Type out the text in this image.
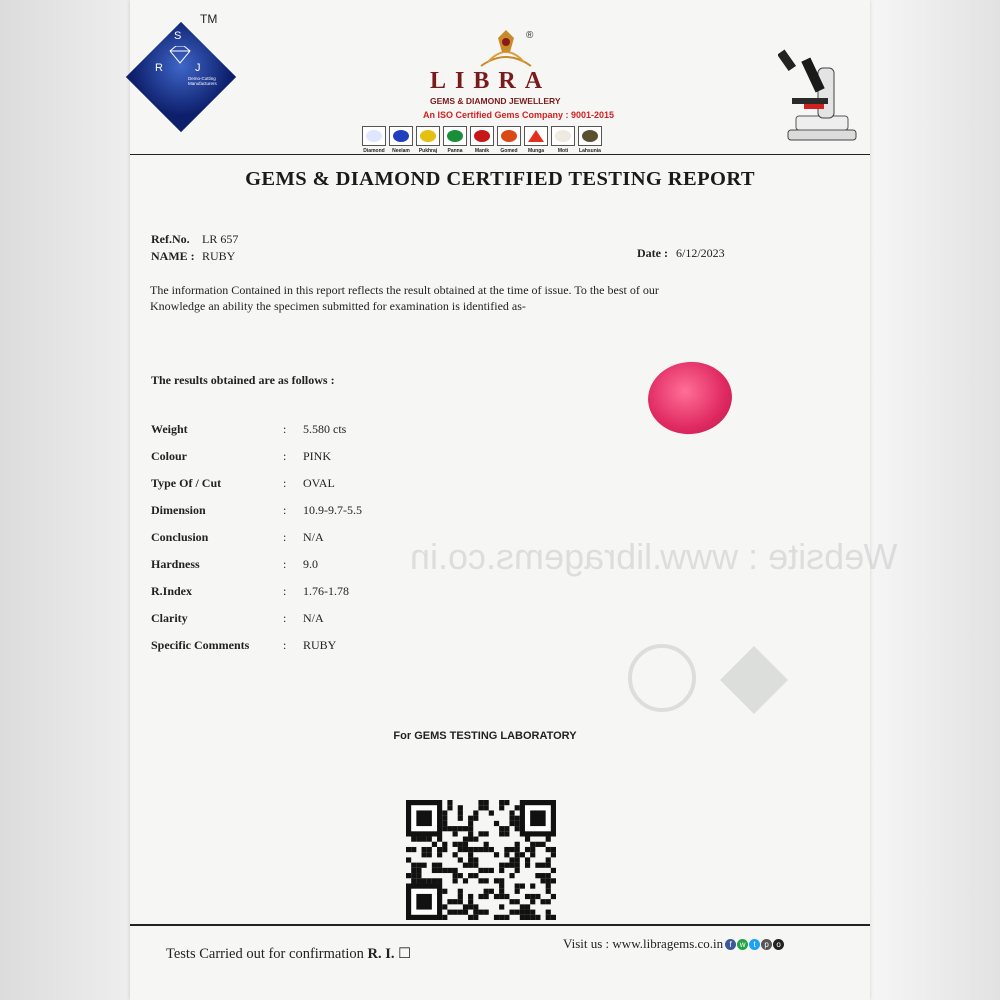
TM
S
R	J
Demo-Cutting Manufacturers
®
LIBRA
GEMS & DIAMOND JEWELLERY
An ISO Certified Gems Company : 9001-2015
Diamond Neelam Pukhraj Panna Manik Gomed Munga	Moti Lahsunia
GEMS & DIAMOND CERTIFIED TESTING REPORT
Ref.No. LR 657
NAME : RUBY	Date : 6/12/2023
The information Contained in this report reflects the result obtained at the time of issue. To the best of our
Knowledge an ability the specimen submitted for examination is identified as-
The results obtained are as follows :
Website : www.libragems.co.in
Weight	: 5.580 cts
Colour	: PINK
Type Of / Cut	: OVAL
Dimension	: 10.9-9.7-5.5
Conclusion	: N/A
Hardness	: 9.0
R.Index	: 1.76-1.78
Clarity	: N/A
Specific Comments	: RUBY
For GEMS TESTING LABORATORY
Tests Carried out for confirmation R. I. ☐
Visit us : www.libragems.co.in f	w t	p o
